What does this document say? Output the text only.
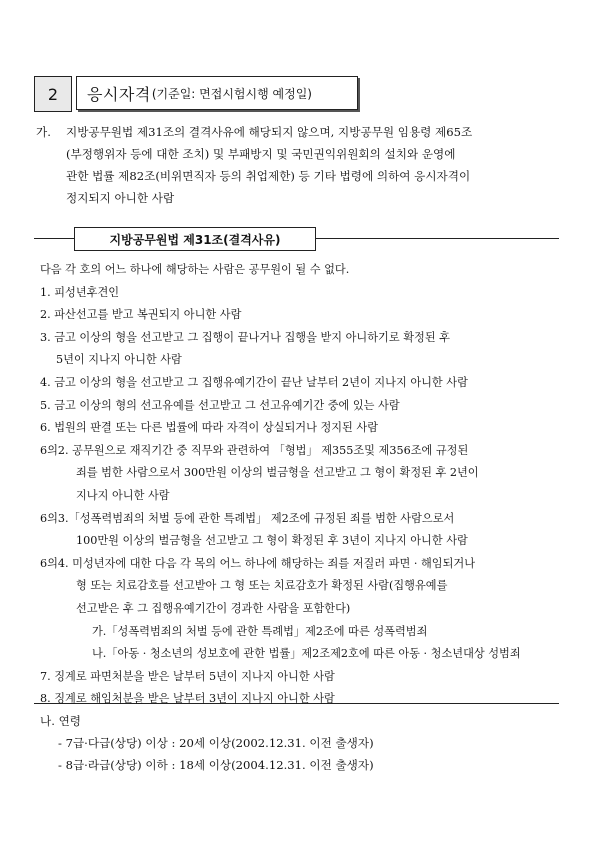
2	응시자격 (기준일: 면접시험시행 예정일)
가. 지방공무원법 제31조의 결격사유에 해당되지 않으며, 지방공무원 임용령 제65조
(부정행위자 등에 대한 조치) 및 부패방지 및 국민권익위원회의 설치와 운영에
관한 법률 제82조(비위면직자 등의 취업제한) 등 기타 법령에 의하여 응시자격이
정지되지 아니한 사람
지방공무원법 제31조(결격사유)
다음 각 호의 어느 하나에 해당하는 사람은 공무원이 될 수 없다.
1. 피성년후견인
2. 파산선고를 받고 복권되지 아니한 사람
3. 금고 이상의 형을 선고받고 그 집행이 끝나거나 집행을 받지 아니하기로 확정된 후
5년이 지나지 아니한 사람
4. 금고 이상의 형을 선고받고 그 집행유예기간이 끝난 날부터 2년이 지나지 아니한 사람
5. 금고 이상의 형의 선고유예를 선고받고 그 선고유예기간 중에 있는 사람
6. 법원의 판결 또는 다른 법률에 따라 자격이 상실되거나 정지된 사람
6의2. 공무원으로 재직기간 중 직무와 관련하여 「형법」 제355조및 제356조에 규정된
죄를 범한 사람으로서 300만원 이상의 벌금형을 선고받고 그 형이 확정된 후 2년이
지나지 아니한 사람
6의3.「성폭력범죄의 처벌 등에 관한 특례법」 제2조에 규정된 죄를 범한 사람으로서
100만원 이상의 벌금형을 선고받고 그 형이 확정된 후 3년이 지나지 아니한 사람
6의4. 미성년자에 대한 다음 각 목의 어느 하나에 해당하는 죄를 저질러 파면 · 해임되거나
형 또는 치료감호를 선고받아 그 형 또는 치료감호가 확정된 사람(집행유예를
선고받은 후 그 집행유예기간이 경과한 사람을 포함한다)
가.「성폭력범죄의 처벌 등에 관한 특례법」제2조에 따른 성폭력범죄
나.「아동 · 청소년의 성보호에 관한 법률」제2조제2호에 따른 아동 · 청소년대상 성범죄
7. 징계로 파면처분을 받은 날부터 5년이 지나지 아니한 사람
8. 징계로 해임처분을 받은 날부터 3년이 지나지 아니한 사람
나. 연령
- 7급·다급(상당) 이상 : 20세 이상(2002.12.31. 이전 출생자)
- 8급·라급(상당) 이하 : 18세 이상(2004.12.31. 이전 출생자)
